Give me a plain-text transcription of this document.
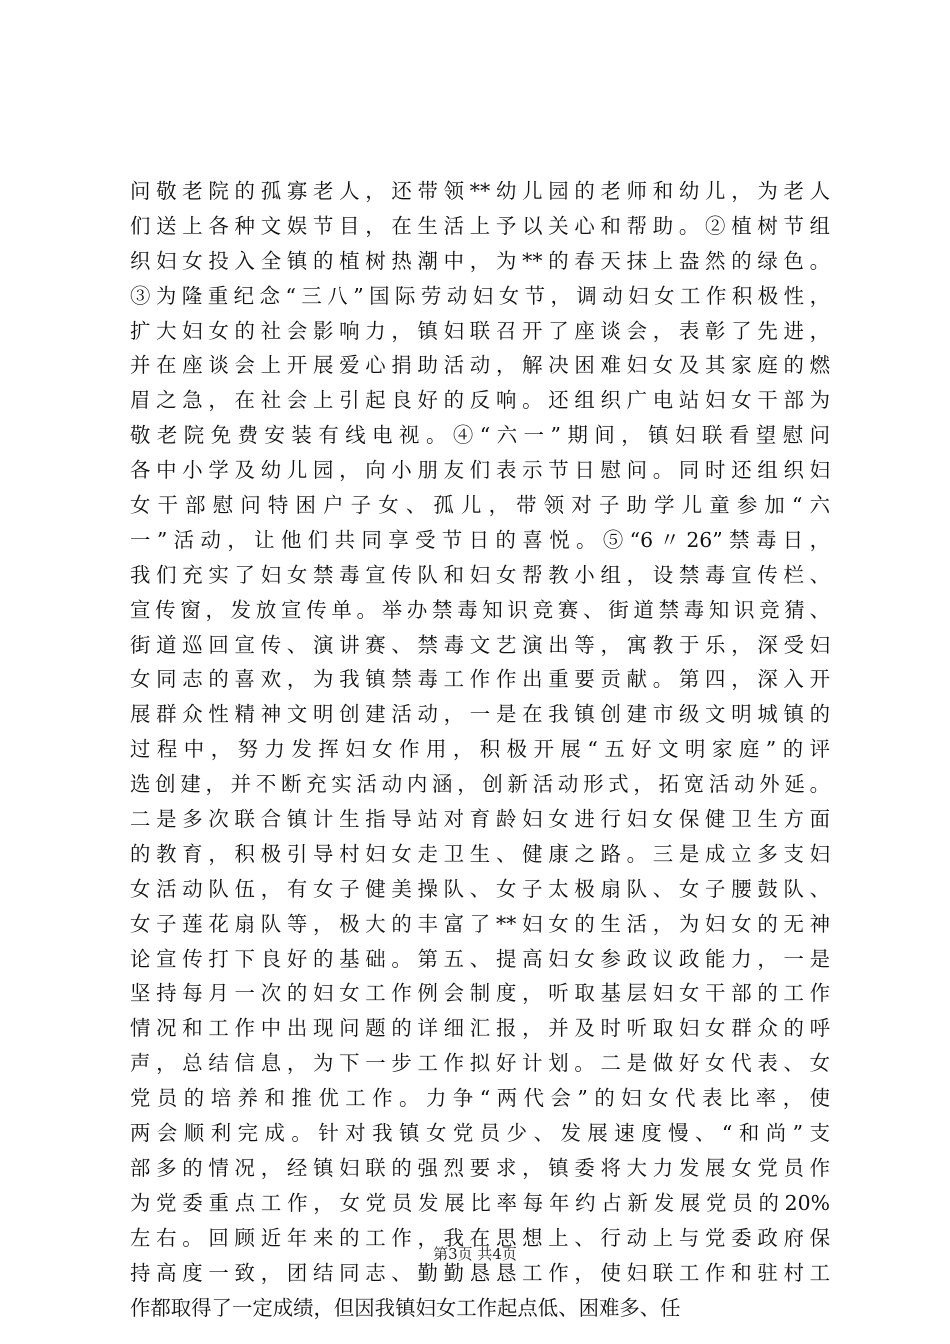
问敬老院的孤寡老人，还带领**幼儿园的老师和幼儿，为老人
们送上各种文娱节目，在生活上予以关心和帮助。②植树节组
织妇女投入全镇的植树热潮中，为**的春天抹上盎然的绿色。
③为隆重纪念“三八”国际劳动妇女节，调动妇女工作积极性，
扩大妇女的社会影响力，镇妇联召开了座谈会，表彰了先进，
并在座谈会上开展爱心捐助活动，解决困难妇女及其家庭的燃
眉之急，在社会上引起良好的反响。还组织广电站妇女干部为
敬老院免费安装有线电视。④“六一”期间，镇妇联看望慰问
各中小学及幼儿园，向小朋友们表示节日慰问。同时还组织妇
女干部慰问特困户子女、孤儿，带领对子助学儿童参加“六
一”活动，让他们共同享受节日的喜悦。⑤“6〃26”禁毒日，
我们充实了妇女禁毒宣传队和妇女帮教小组，设禁毒宣传栏、
宣传窗，发放宣传单。举办禁毒知识竞赛、街道禁毒知识竞猜、
街道巡回宣传、演讲赛、禁毒文艺演出等，寓教于乐，深受妇
女同志的喜欢，为我镇禁毒工作作出重要贡献。第四，深入开
展群众性精神文明创建活动，一是在我镇创建市级文明城镇的
过程中，努力发挥妇女作用，积极开展“五好文明家庭”的评
选创建，并不断充实活动内涵，创新活动形式，拓宽活动外延。
二是多次联合镇计生指导站对育龄妇女进行妇女保健卫生方面
的教育，积极引导村妇女走卫生、健康之路。三是成立多支妇
女活动队伍，有女子健美操队、女子太极扇队、女子腰鼓队、
女子莲花扇队等，极大的丰富了**妇女的生活，为妇女的无神
论宣传打下良好的基础。第五、提高妇女参政议政能力，一是
坚持每月一次的妇女工作例会制度，听取基层妇女干部的工作
情况和工作中出现问题的详细汇报，并及时听取妇女群众的呼
声，总结信息，为下一步工作拟好计划。二是做好女代表、女
党员的培养和推优工作。力争“两代会”的妇女代表比率，使
两会顺利完成。针对我镇女党员少、发展速度慢、“和尚”支
部多的情况，经镇妇联的强烈要求，镇委将大力发展女党员作
为党委重点工作，女党员发展比率每年约占新发展党员的20%
左右。回顾近年来的工作，我在思想上、行动上与党委政府保
持高度一致，团结同志、勤勤恳恳工作，使妇联工作和驻村工
作都取得了一定成绩，但因我镇妇女工作起点低、困难多、任
第3页 共4页
